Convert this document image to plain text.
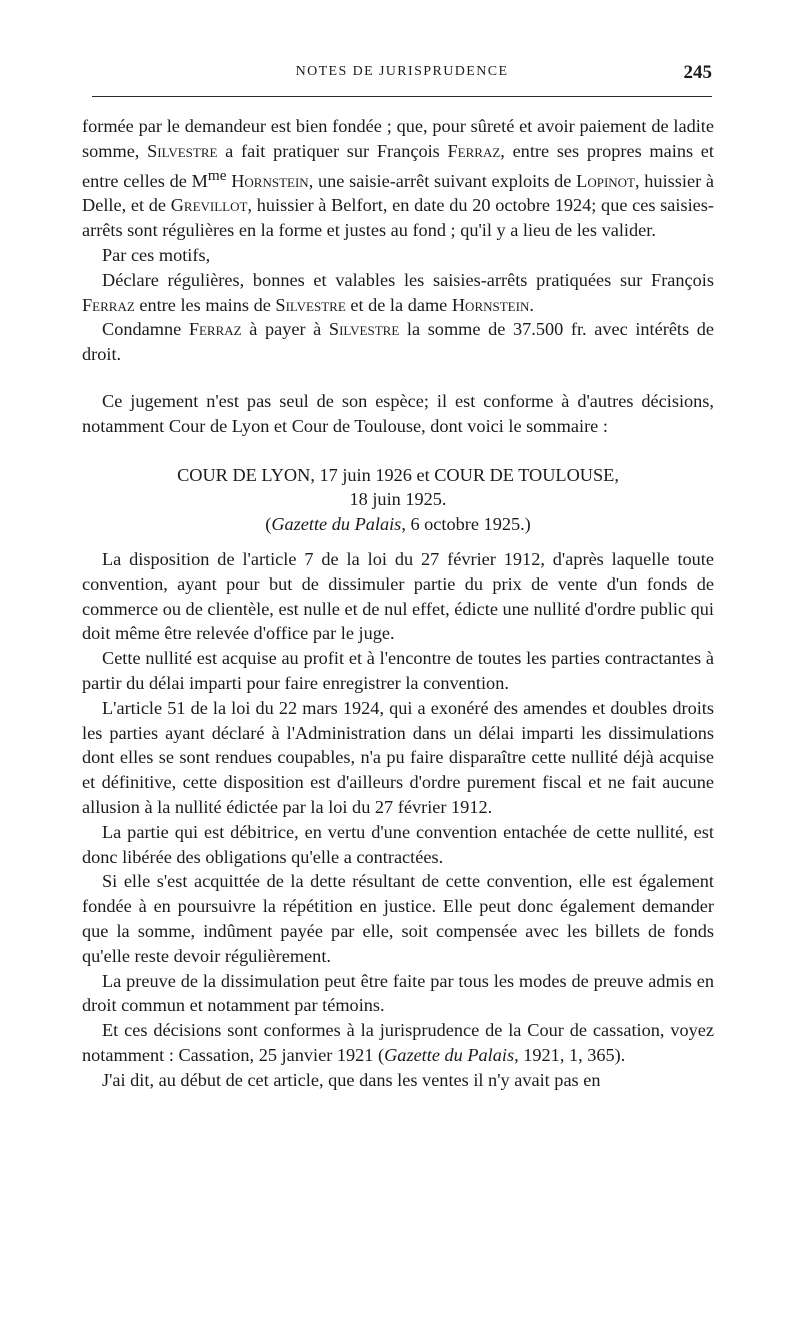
NOTES DE JURISPRUDENCE	245

formée par le demandeur est bien fondée ; que, pour sûreté et avoir paiement de ladite somme, Silvestre a fait pratiquer sur François Ferraz, entre ses propres mains et entre celles de $M^{me}$ Hornstein, une saisie-arrêt suivant exploits de Lopinot, huissier à Delle, et de Grevillot, huissier à Belfort, en date du 20 octobre 1924; que ces saisies-arrêts sont régulières en la forme et justes au fond ; qu'il y a lieu de les valider.

Par ces motifs,

Déclare régulières, bonnes et valables les saisies-arrêts pratiquées sur François Ferraz entre les mains de Silvestre et de la dame Hornstein.

Condamne Ferraz à payer à Silvestre la somme de 37.500 fr. avec intérêts de droit.

Ce jugement n'est pas seul de son espèce; il est conforme à d'autres décisions, notamment Cour de Lyon et Cour de Toulouse, dont voici le sommaire :

COUR DE LYON, 17 juin 1926 et COUR DE TOULOUSE,
18 juin 1925.
(Gazette du Palais, 6 octobre 1925.)

La disposition de l'article 7 de la loi du 27 février 1912, d'après laquelle toute convention, ayant pour but de dissimuler partie du prix de vente d'un fonds de commerce ou de clientèle, est nulle et de nul effet, édicte une nullité d'ordre public qui doit même être relevée d'office par le juge.

Cette nullité est acquise au profit et à l'encontre de toutes les parties contractantes à partir du délai imparti pour faire enregistrer la convention.

L'article 51 de la loi du 22 mars 1924, qui a exonéré des amendes et doubles droits les parties ayant déclaré à l'Administration dans un délai imparti les dissimulations dont elles se sont rendues coupables, n'a pu faire disparaître cette nullité déjà acquise et définitive, cette disposition est d'ailleurs d'ordre purement fiscal et ne fait aucune allusion à la nullité édictée par la loi du 27 février 1912.

La partie qui est débitrice, en vertu d'une convention entachée de cette nullité, est donc libérée des obligations qu'elle a contractées.

Si elle s'est acquittée de la dette résultant de cette convention, elle est également fondée à en poursuivre la répétition en justice. Elle peut donc également demander que la somme, indûment payée par elle, soit compensée avec les billets de fonds qu'elle reste devoir régulièrement.

La preuve de la dissimulation peut être faite par tous les modes de preuve admis en droit commun et notamment par témoins.

Et ces décisions sont conformes à la jurisprudence de la Cour de cassation, voyez notamment : Cassation, 25 janvier 1921 (Gazette du Palais, 1921, 1, 365).

J'ai dit, au début de cet article, que dans les ventes il n'y avait pas en
